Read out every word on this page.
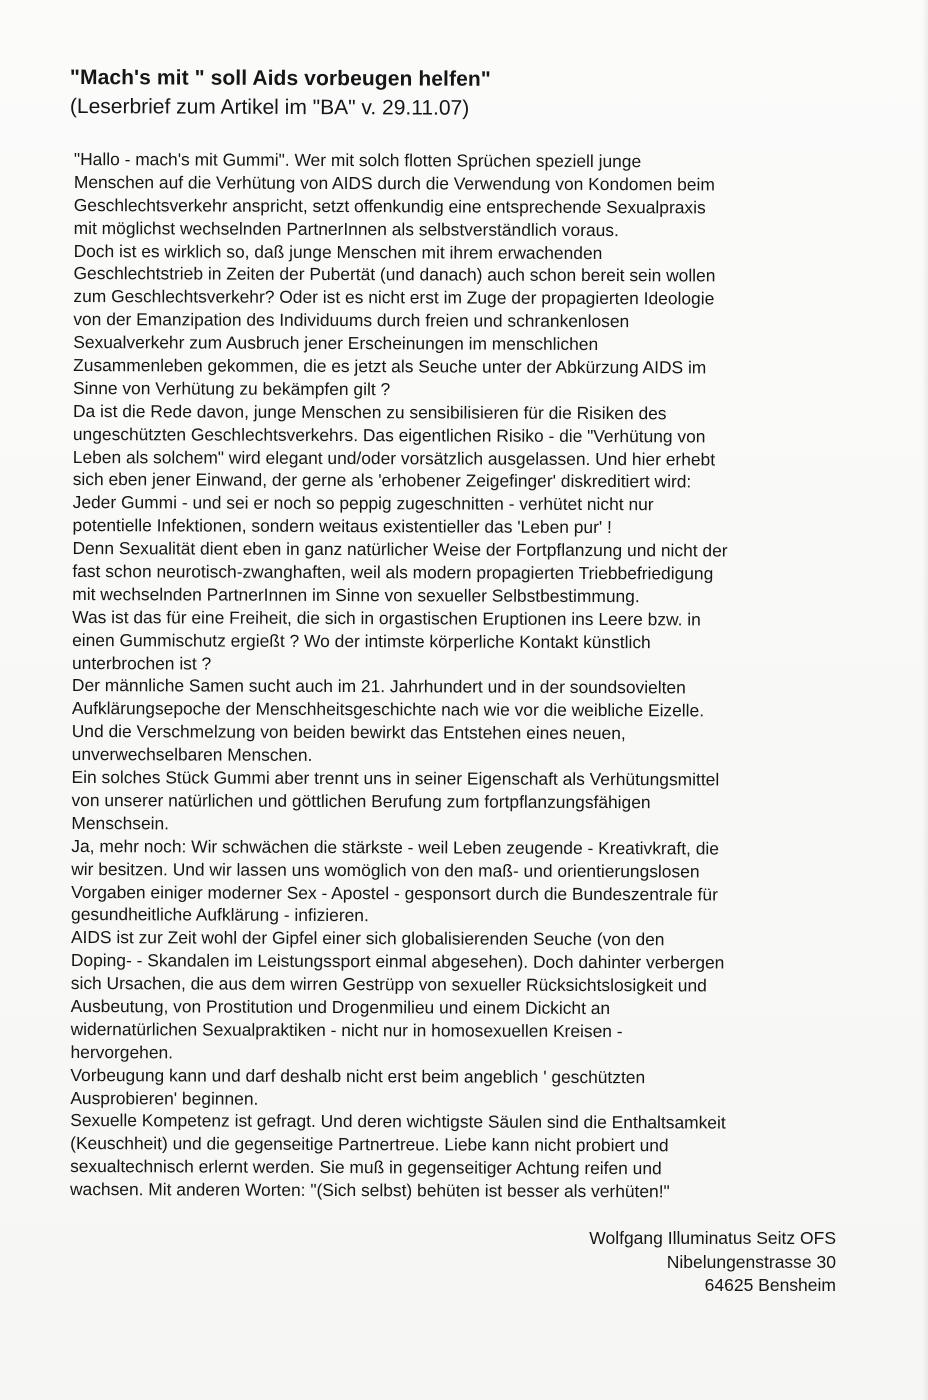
"Mach's mit " soll Aids vorbeugen helfen"
(Leserbrief zum Artikel im "BA" v. 29.11.07)
"Hallo - mach's mit Gummi". Wer mit solch flotten Sprüchen speziell junge
Menschen auf die Verhütung von AIDS durch die Verwendung von Kondomen beim
Geschlechtsverkehr anspricht, setzt offenkundig eine entsprechende Sexualpraxis
mit möglichst wechselnden PartnerInnen als selbstverständlich voraus.
Doch ist es wirklich so, daß junge Menschen mit ihrem erwachenden
Geschlechtstrieb in Zeiten der Pubertät (und danach) auch schon bereit sein wollen
zum Geschlechtsverkehr? Oder ist es nicht erst im Zuge der propagierten Ideologie
von der Emanzipation des Individuums durch freien und schrankenlosen
Sexualverkehr zum Ausbruch jener Erscheinungen im menschlichen
Zusammenleben gekommen, die es jetzt als Seuche unter der Abkürzung AIDS im
Sinne von Verhütung zu bekämpfen gilt ?
Da ist die Rede davon, junge Menschen zu sensibilisieren für die Risiken des
ungeschützten Geschlechtsverkehrs. Das eigentlichen Risiko - die "Verhütung von
Leben als solchem" wird elegant und/oder vorsätzlich ausgelassen. Und hier erhebt
sich eben jener Einwand, der gerne als 'erhobener Zeigefinger' diskreditiert wird:
Jeder Gummi - und sei er noch so peppig zugeschnitten - verhütet nicht nur
potentielle Infektionen, sondern weitaus existentieller das 'Leben pur' !
Denn Sexualität dient eben in ganz natürlicher Weise der Fortpflanzung und nicht der
fast schon neurotisch-zwanghaften, weil als modern propagierten Triebbefriedigung
mit wechselnden PartnerInnen im Sinne von sexueller Selbstbestimmung.
Was ist das für eine Freiheit, die sich in orgastischen Eruptionen ins Leere bzw. in
einen Gummischutz ergießt ? Wo der intimste körperliche Kontakt künstlich
unterbrochen ist ?
Der männliche Samen sucht auch im 21. Jahrhundert und in der soundsovielten
Aufklärungsepoche der Menschheitsgeschichte nach wie vor die weibliche Eizelle.
Und die Verschmelzung von beiden bewirkt das Entstehen eines neuen,
unverwechselbaren Menschen.
Ein solches Stück Gummi aber trennt uns in seiner Eigenschaft als Verhütungsmittel
von unserer natürlichen und göttlichen Berufung zum fortpflanzungsfähigen
Menschsein.
Ja, mehr noch: Wir schwächen die stärkste - weil Leben zeugende - Kreativkraft, die
wir besitzen. Und wir lassen uns womöglich von den maß- und orientierungslosen
Vorgaben einiger moderner Sex - Apostel - gesponsort durch die Bundeszentrale für
gesundheitliche Aufklärung - infizieren.
AIDS ist zur Zeit wohl der Gipfel einer sich globalisierenden Seuche (von den
Doping- - Skandalen im Leistungssport einmal abgesehen). Doch dahinter verbergen
sich Ursachen, die aus dem wirren Gestrüpp von sexueller Rücksichtslosigkeit und
Ausbeutung, von Prostitution und Drogenmilieu und einem Dickicht an
widernatürlichen Sexualpraktiken - nicht nur in homosexuellen Kreisen -
hervorgehen.
Vorbeugung kann und darf deshalb nicht erst beim angeblich ' geschützten
Ausprobieren' beginnen.
Sexuelle Kompetenz ist gefragt. Und deren wichtigste Säulen sind die Enthaltsamkeit
(Keuschheit) und die gegenseitige Partnertreue. Liebe kann nicht probiert und
sexualtechnisch erlernt werden. Sie muß in gegenseitiger Achtung reifen und
wachsen. Mit anderen Worten: "(Sich selbst) behüten ist besser als verhüten!"
Wolfgang Illuminatus Seitz OFS
Nibelungenstrasse 30
64625 Bensheim
